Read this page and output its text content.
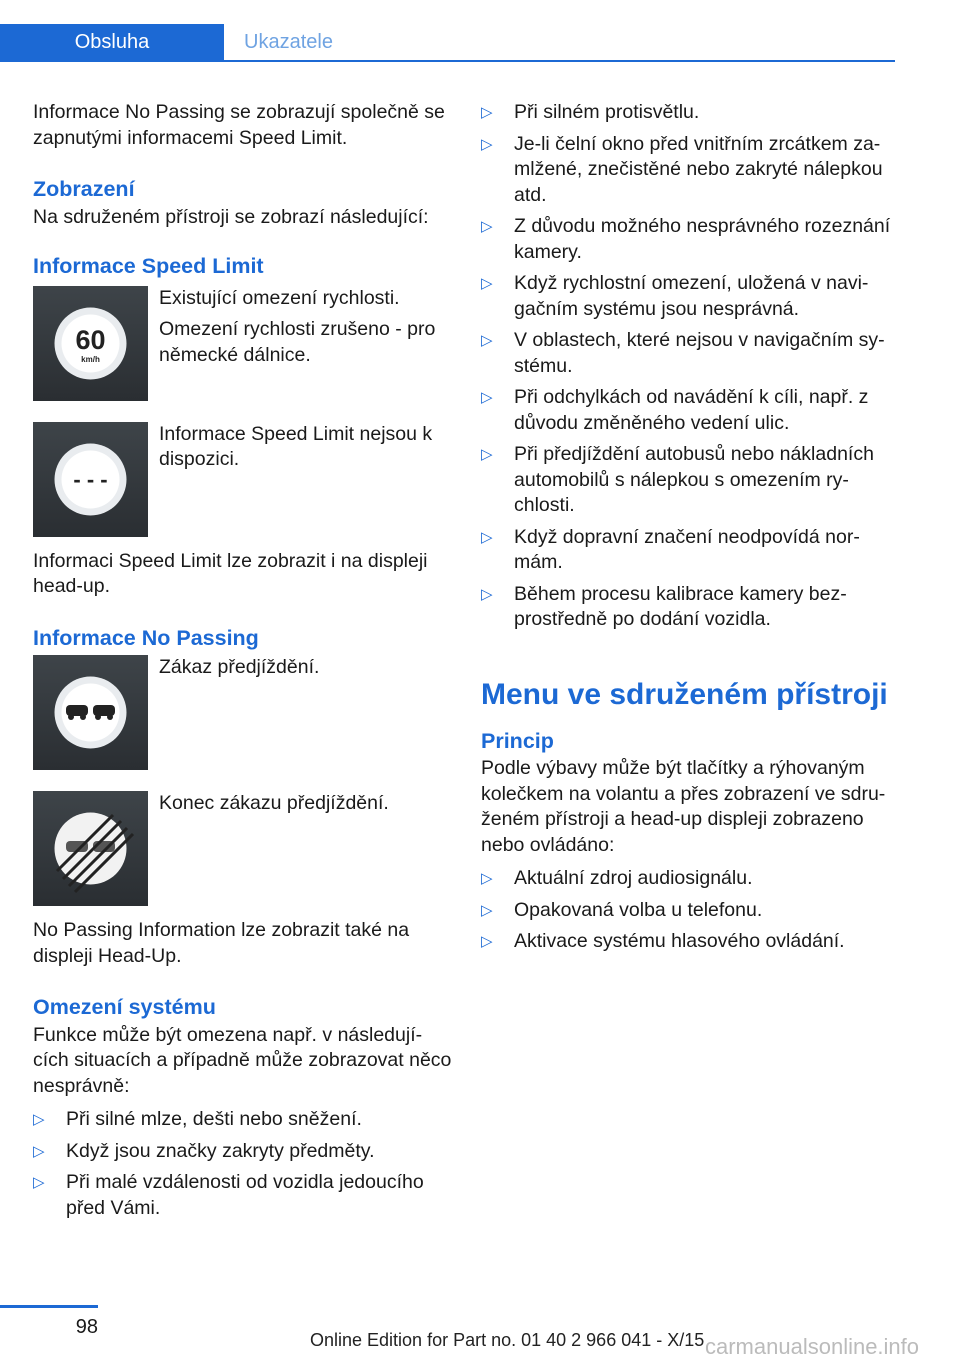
Obsluha	Ukazatele

Informace No Passing se zobrazují společně se zapnutými informacemi Speed Limit.

Zobrazení

Na sdruženém přístroji se zobrazí následující:

Informace Speed Limit

60
km/h

Existující omezení rychlosti.

Omezení rychlosti zrušeno - pro německé dálnice.

- - -

Informace Speed Limit nejsou k dispozici.

Informaci Speed Limit lze zobrazit i na displeji head-up.

Informace No Passing

Zákaz předjíždění.

Konec zákazu předjíždění.

No Passing Information lze zobrazit také na displeji Head-Up.

Omezení systému

Funkce může být omezena např. v následují-cích situacích a případně může zobrazovat něco nesprávně:

▷ Při silné mlze, dešti nebo sněžení.
▷ Když jsou značky zakryty předměty.
▷ Při malé vzdálenosti od vozidla jedoucího před Vámi.
▷ Při silném protisvětlu.
▷ Je-li čelní okno před vnitřním zrcátkem za-mlžené, znečistěné nebo zakryté nálepkou atd.
▷ Z důvodu možného nesprávného rozeznání kamery.
▷ Když rychlostní omezení, uložená v navi-gačním systému jsou nesprávná.
▷ V oblastech, které nejsou v navigačním sy-stému.
▷ Při odchylkách od navádění k cíli, např. z důvodu změněného vedení ulic.
▷ Při předjíždění autobusů nebo nákladních automobilů s nálepkou s omezením ry-chlosti.
▷ Když dopravní značení neodpovídá nor-mám.
▷ Během procesu kalibrace kamery bez-prostředně po dodání vozidla.

Menu ve sdruženém přístroji

Princip

Podle výbavy může být tlačítky a rýhovaným kolečkem na volantu a přes zobrazení ve sdru-ženém přístroji a head-up displeji zobrazeno nebo ovládáno:

▷ Aktuální zdroj audiosignálu.
▷ Opakovaná volba u telefonu.
▷ Aktivace systému hlasového ovládání.
98
Online Edition for Part no. 01 40 2 966 041 - X/15 carmanualsonline.info
